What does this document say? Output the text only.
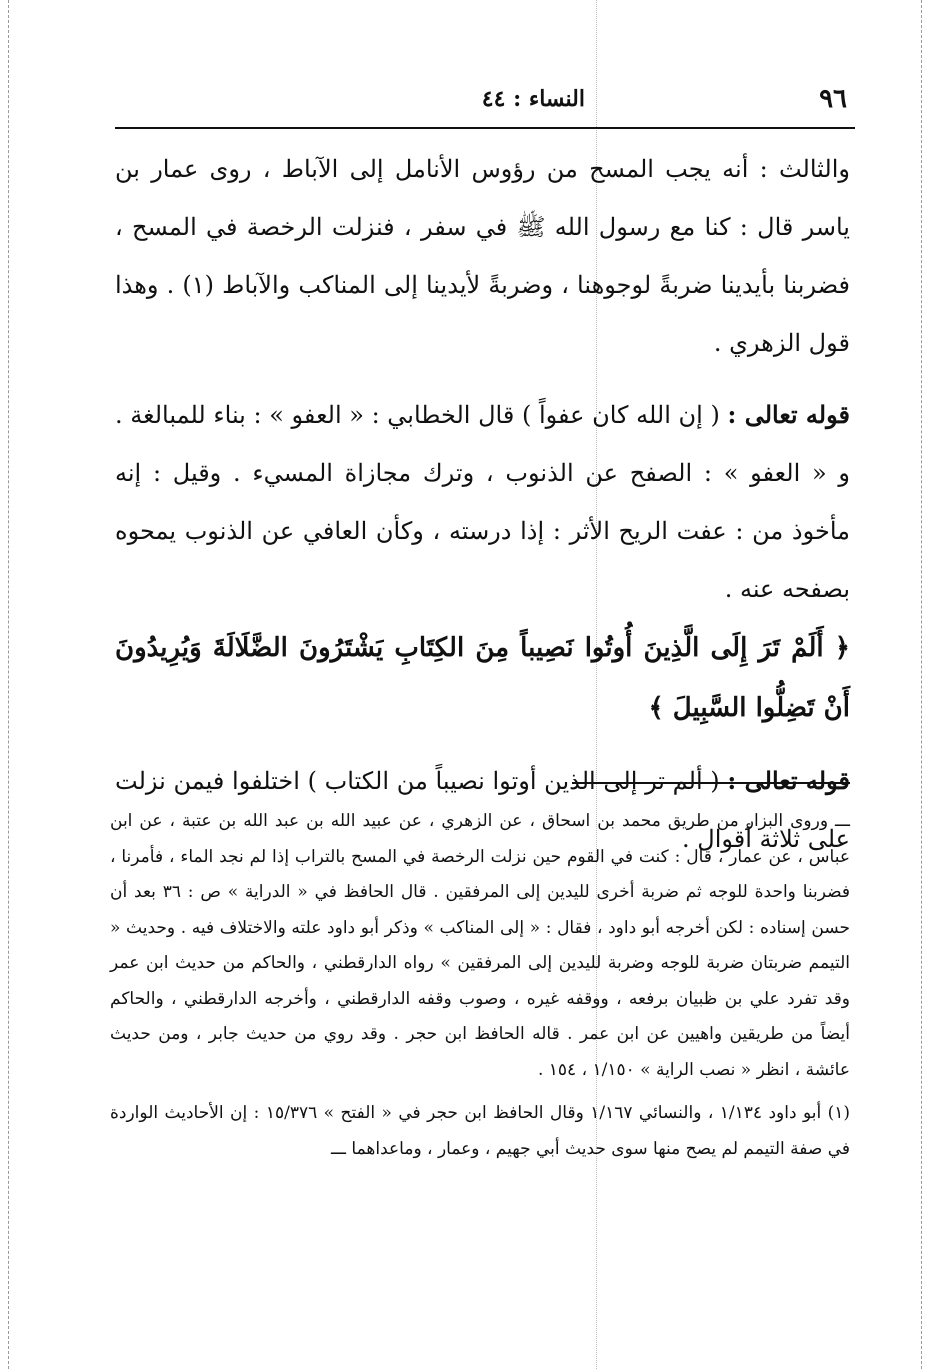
٩٦
النساء : ٤٤

والثالث : أنه يجب المسح من رؤوس الأنامل إلى الآباط ، روى عمار بن ياسر قال : كنا مع رسول الله ﷺ في سفر ، فنزلت الرخصة في المسح ، فضربنا بأيدينا ضربةً لوجوهنا ، وضربةً لأيدينا إلى المناكب والآباط (١) . وهذا قول الزهري .

قوله تعالى : ( إن الله كان عفواً ) قال الخطابي : « العفو » : بناء للمبالغة . و « العفو » : الصفح عن الذنوب ، وترك مجازاة المسيء . وقيل : إنه مأخوذ من : عفت الريح الأثر : إذا درسته ، وكأن العافي عن الذنوب يمحوه بصفحه عنه .

﴿ أَلَمْ تَرَ إِلَى الَّذِينَ أُوتُوا نَصِيباً مِنَ الكِتَابِ يَشْتَرُونَ الضَّلَالَةَ وَيُرِيدُونَ أَنْ تَضِلُّوا السَّبِيلَ ﴾

قوله تعالى : ( ألم تر إلى الذين أوتوا نصيباً من الكتاب ) اختلفوا فيمن نزلت على ثلاثة أقوال .

ـــ وروى البزار من طريق محمد بن اسحاق ، عن الزهري ، عن عبيد الله بن عبد الله بن عتبة ، عن ابن عباس ، عن عمار ، قال : كنت في القوم حين نزلت الرخصة في المسح بالتراب إذا لم نجد الماء ، فأمرنا ، فضربنا واحدة للوجه ثم ضربة أخرى لليدين إلى المرفقين . قال الحافظ في « الدراية » ص : ٣٦ بعد أن حسن إسناده : لكن أخرجه أبو داود ، فقال : « إلى المناكب » وذكر أبو داود علته والاختلاف فيه . وحديث « التيمم ضربتان ضربة للوجه وضربة لليدين إلى المرفقين » رواه الدارقطني ، والحاكم من حديث ابن عمر وقد تفرد علي بن ظبيان برفعه ، ووقفه غيره ، وصوب وقفه الدارقطني ، وأخرجه الدارقطني ، والحاكم أيضاً من طريقين واهيين عن ابن عمر . قاله الحافظ ابن حجر . وقد روي من حديث جابر ، ومن حديث عائشة ، انظر « نصب الراية » ١/١٥٠ ، ١٥٤ .

(١) أبو داود ١/١٣٤ ، والنسائي ١/١٦٧ وقال الحافظ ابن حجر في « الفتح » ١٥/٣٧٦ : إن الأحاديث الواردة في صفة التيمم لم يصح منها سوى حديث أبي جهيم ، وعمار ، وماعداهما ـــ
